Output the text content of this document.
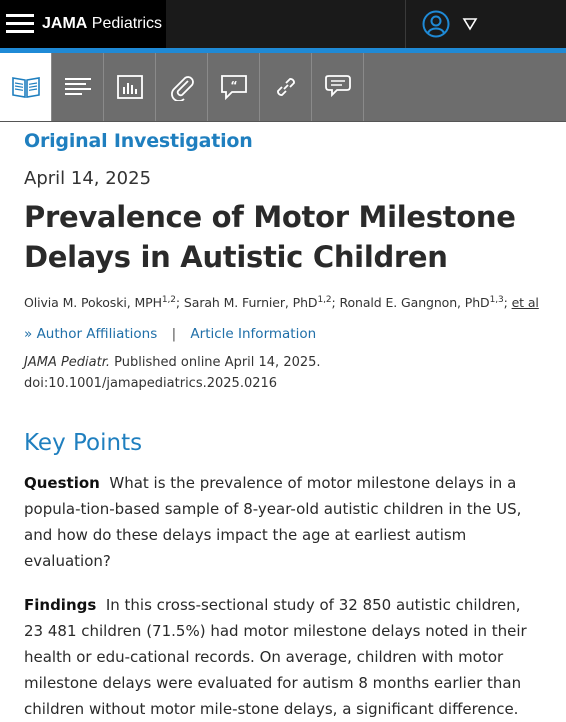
JAMA Pediatrics
“
Original Investigation
April 14, 2025
Prevalence of Motor Milestone Delays in Autistic Children
Olivia M. Pokoski, MPH$^{1,2}$; Sarah M. Furnier, PhD$^{1,2}$; Ronald E. Gangnon, PhD$^{1,3}$; et al
» Author Affiliations | Article Information
JAMA Pediatr. Published online April 14, 2025.
doi:10.1001/jamapediatrics.2025.0216
Key Points
Question What is the prevalence of motor milestone delays in a popula-tion-based sample of 8-year-old autistic children in the US, and how do these delays impact the age at earliest autism evaluation?
Findings In this cross-sectional study of 32 850 autistic children, 23 481 children (71.5%) had motor milestone delays noted in their health or edu-cational records. On average, children with motor milestone delays were evaluated for autism 8 months earlier than children without motor mile-stone delays, a significant difference.
